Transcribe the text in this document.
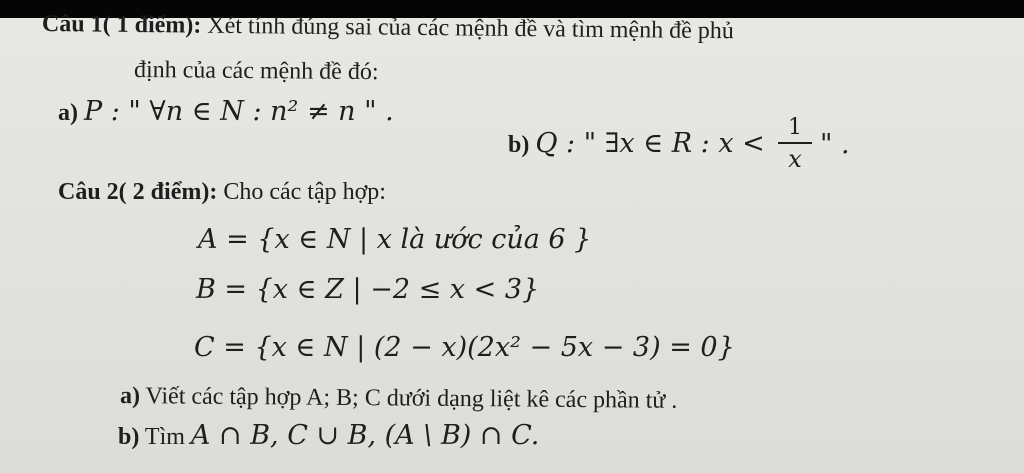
Câu 1( 1 điểm): Xét tính đúng sai của các mệnh đề và tìm mệnh đề phủ
định của các mệnh đề đó:
a) P : " ∀n ∈ N : n² ≠ n " .
b) Q : " ∃x ∈ R : x <
1
x " .
Câu 2( 2 điểm): Cho các tập hợp:
A = {x ∈ N | x là ước của 6 }
B = {x ∈ Z | −2 ≤ x < 3}
C = {x ∈ N | (2 − x)(2x² − 5x − 3) = 0}
a) Viết các tập hợp A; B; C dưới dạng liệt kê các phần tử .
b) Tìm A ∩ B, C ∪ B, (A \ B) ∩ C.
